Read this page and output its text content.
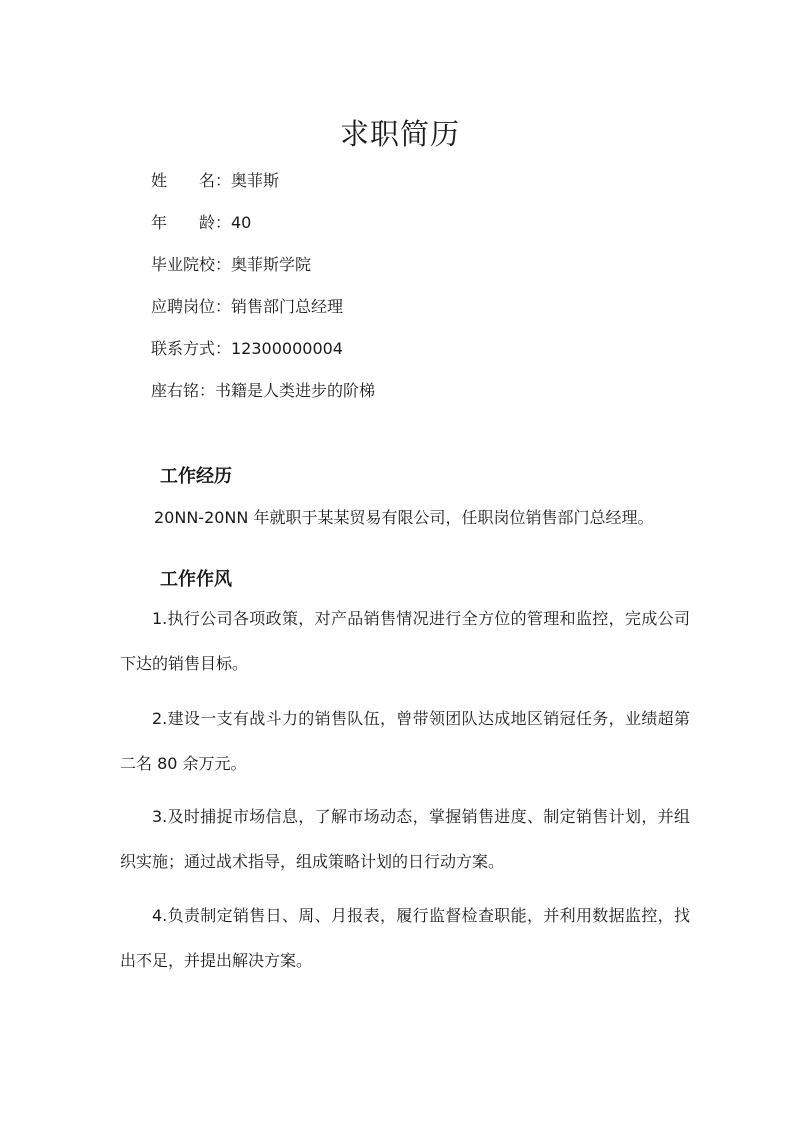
求职简历
姓 名： 奥菲斯
年 龄： 40
毕业院校：奥菲斯学院
应聘岗位：销售部门总经理
联系方式：12300000004
座右铭：书籍是人类进步的阶梯
工作经历
20NN-20NN 年就职于某某贸易有限公司，任职岗位销售部门总经理。
工作作风
1.执行公司各项政策，对产品销售情况进行全方位的管理和监控，完成公司下达的销售目标。
2.建设一支有战斗力的销售队伍，曾带领团队达成地区销冠任务，业绩超第二名 80 余万元。
3.及时捕捉市场信息，了解市场动态，掌握销售进度、制定销售计划，并组织实施；通过战术指导，组成策略计划的日行动方案。
4.负责制定销售日、周、月报表，履行监督检查职能，并利用数据监控，找出不足，并提出解决方案。
